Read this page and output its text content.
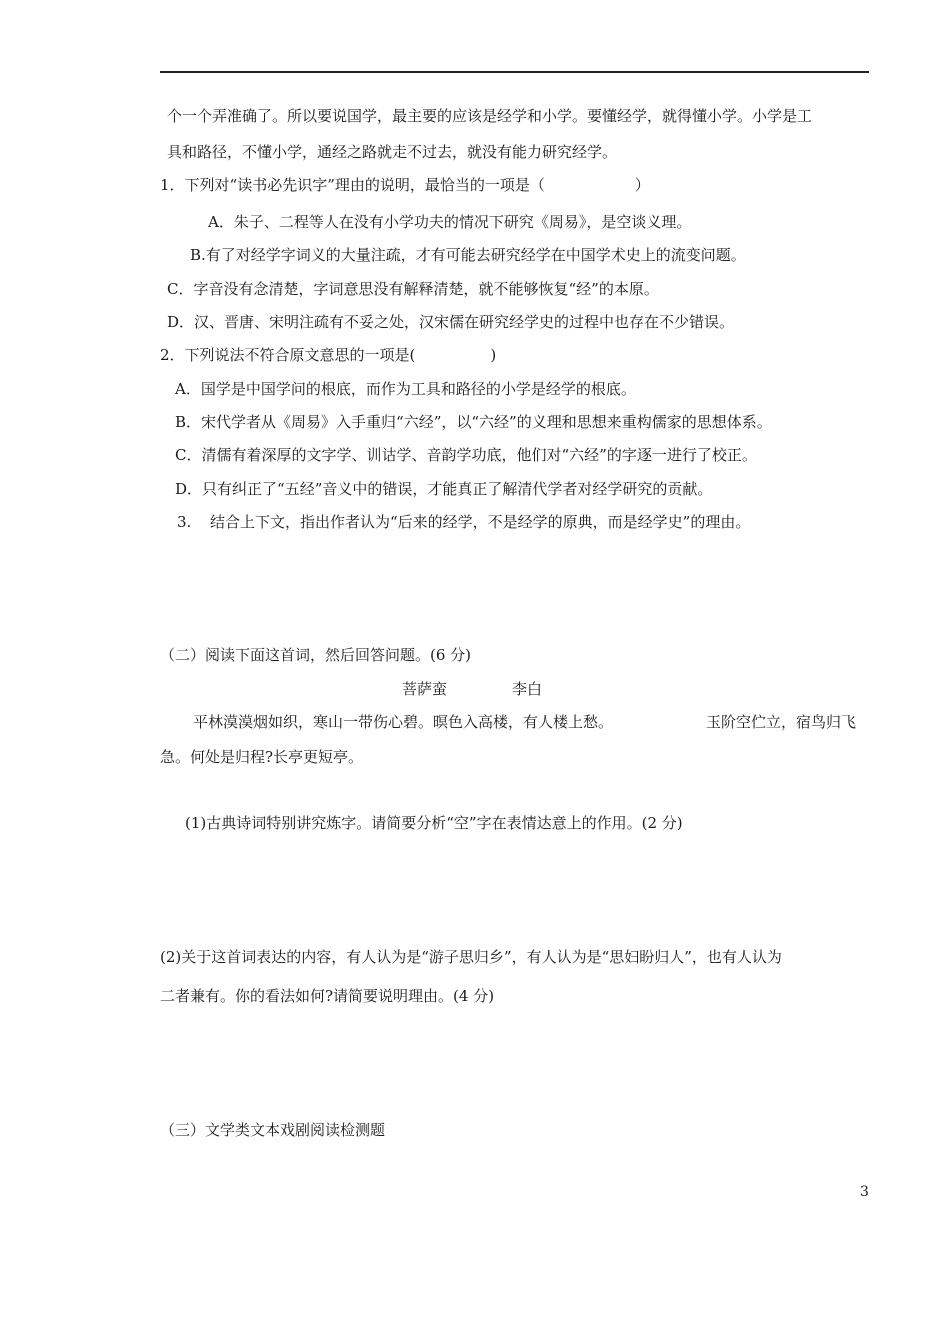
个一个弄准确了。所以要说国学，最主要的应该是经学和小学。要懂经学，就得懂小学。小学是工
具和路径，不懂小学，通经之路就走不过去，就没有能力研究经学。
1．下列对“读书必先识字”理由的说明，最恰当的一项是（　　　　　　）
A．朱子、二程等人在没有小学功夫的情况下研究《周易》，是空谈义理。
B.有了对经学字词义的大量注疏，才有可能去研究经学在中国学术史上的流变问题。
C．字音没有念清楚，字词意思没有解释清楚，就不能够恢复“经”的本原。
D．汉、晋唐、宋明注疏有不妥之处，汉宋儒在研究经学史的过程中也存在不少错误。
2．下列说法不符合原文意思的一项是(　　　　　)
A．国学是中国学问的根底，而作为工具和路径的小学是经学的根底。
B．宋代学者从《周易》入手重归“六经”，以“六经”的义理和思想来重构儒家的思想体系。
C．清儒有着深厚的文字学、训诂学、音韵学功底，他们对“六经”的字逐一进行了校正。
D．只有纠正了“五经”音义中的错误，才能真正了解清代学者对经学研究的贡献。
3. 结合上下文，指出作者认为“后来的经学，不是经学的原典，而是经学史”的理由。
（二）阅读下面这首词，然后回答问题。(6 分)
菩萨蛮	李白
平林漠漠烟如织，寒山一带伤心碧。暝色入高楼，有人楼上愁。	玉阶空伫立，宿鸟归飞
急。何处是归程?长亭更短亭。
(1)古典诗词特别讲究炼字。请简要分析“空”字在表情达意上的作用。(2 分)
(2)关于这首词表达的内容，有人认为是“游子思归乡”，有人认为是“思妇盼归人”，也有人认为
二者兼有。你的看法如何?请简要说明理由。(4 分)
（三）文学类文本戏剧阅读检测题
3
